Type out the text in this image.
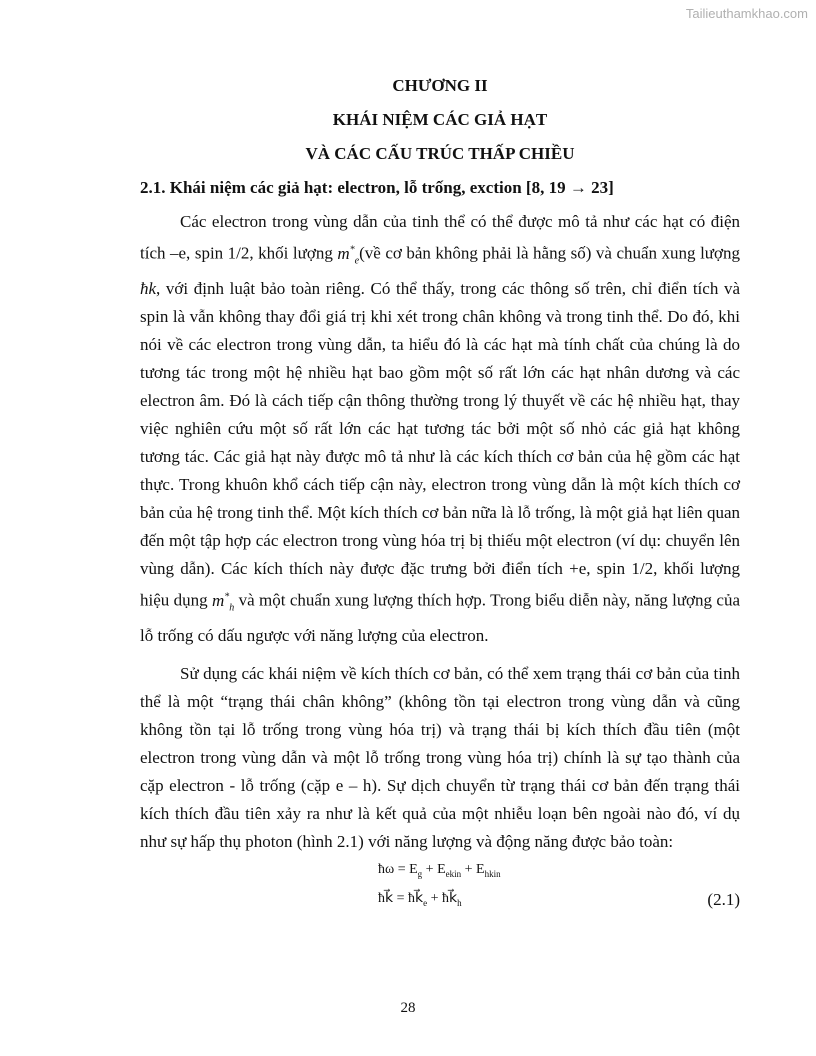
Tailieuthamkhao.com
CHƯƠNG II
KHÁI NIỆM CÁC GIẢ HẠT
VÀ CÁC CẤU TRÚC THẤP CHIỀU
2.1. Khái niệm các giả hạt: electron, lỗ trống, exction [8, 19 → 23]

Các electron trong vùng dẫn của tinh thể có thể được mô tả như các hạt có điện tích –e, spin 1/2, khối lượng $m^*_e(về$ cơ bản không phải là hằng số) và chuẩn xung lượng ħk, với định luật bảo toàn riêng. Có thể thấy, trong các thông số trên, chỉ điển tích và spin là vẫn không thay đổi giá trị khi xét trong chân không và trong tinh thể. Do đó, khi nói về các electron trong vùng dẫn, ta hiểu đó là các hạt mà tính chất của chúng là do tương tác trong một hệ nhiều hạt bao gồm một số rất lớn các hạt nhân dương và các electron âm. Đó là cách tiếp cận thông thường trong lý thuyết về các hệ nhiều hạt, thay việc nghiên cứu một số rất lớn các hạt tương tác bởi một số nhỏ các giả hạt không tương tác. Các giả hạt này được mô tả như là các kích thích cơ bản của hệ gồm các hạt thực. Trong khuôn khổ cách tiếp cận này, electron trong vùng dẫn là một kích thích cơ bản của hệ trong tinh thể. Một kích thích cơ bản nữa là lỗ trống, là một giả hạt liên quan đến một tập hợp các electron trong vùng hóa trị bị thiếu một electron (ví dụ: chuyển lên vùng dẫn). Các kích thích này được đặc trưng bởi điển tích +e, spin 1/2, khối lượng hiệu dụng $m^*_h$ và một chuẩn xung lượng thích hợp. Trong biểu diễn này, năng lượng của lỗ trống có dấu ngược với năng lượng của electron.

Sử dụng các khái niệm về kích thích cơ bản, có thể xem trạng thái cơ bản của tinh thể là một “trạng thái chân không” (không tồn tại electron trong vùng dẫn và cũng không tồn tại lỗ trống trong vùng hóa trị) và trạng thái bị kích thích đầu tiên (một electron trong vùng dẫn và một lỗ trống trong vùng hóa trị) chính là sự tạo thành của cặp electron - lỗ trống (cặp e – h). Sự dịch chuyển từ trạng thái cơ bản đến trạng thái kích thích đầu tiên xảy ra như là kết quả của một nhiễu loạn bên ngoài nào đó, ví dụ như sự hấp thụ photon (hình 2.1) với năng lượng và động năng được bảo toàn:

ħω = $E_g + E_{ekin} + E_{hkin}$
ħk⃗ = $ħk⃗_e$ + $ħk⃗_h$	(2.1)
28
